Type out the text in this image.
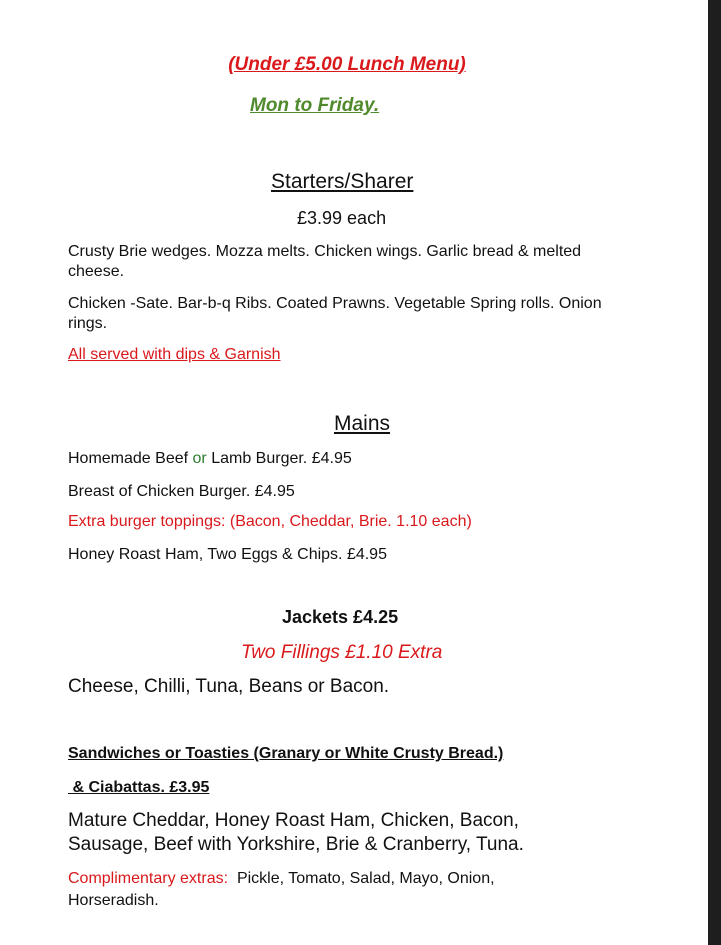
(Under £5.00 Lunch Menu)

Mon to Friday.

Starters/Sharer

£3.99 each

Crusty Brie wedges. Mozza melts. Chicken wings. Garlic bread & melted cheese.

Chicken -Sate. Bar-b-q Ribs. Coated Prawns. Vegetable Spring rolls. Onion rings.

All served with dips & Garnish

Mains

Homemade Beef or Lamb Burger. £4.95

Breast of Chicken Burger. £4.95

Extra burger toppings: (Bacon, Cheddar, Brie. 1.10 each)

Honey Roast Ham, Two Eggs & Chips. £4.95

Jackets £4.25

Two Fillings £1.10 Extra

Cheese, Chilli, Tuna, Beans or Bacon.

Sandwiches or Toasties (Granary or White Crusty Bread.)

& Ciabattas. £3.95

Mature Cheddar, Honey Roast Ham, Chicken, Bacon, Sausage, Beef with Yorkshire, Brie & Cranberry, Tuna.

Complimentary extras:  Pickle, Tomato, Salad, Mayo, Onion, Horseradish.
